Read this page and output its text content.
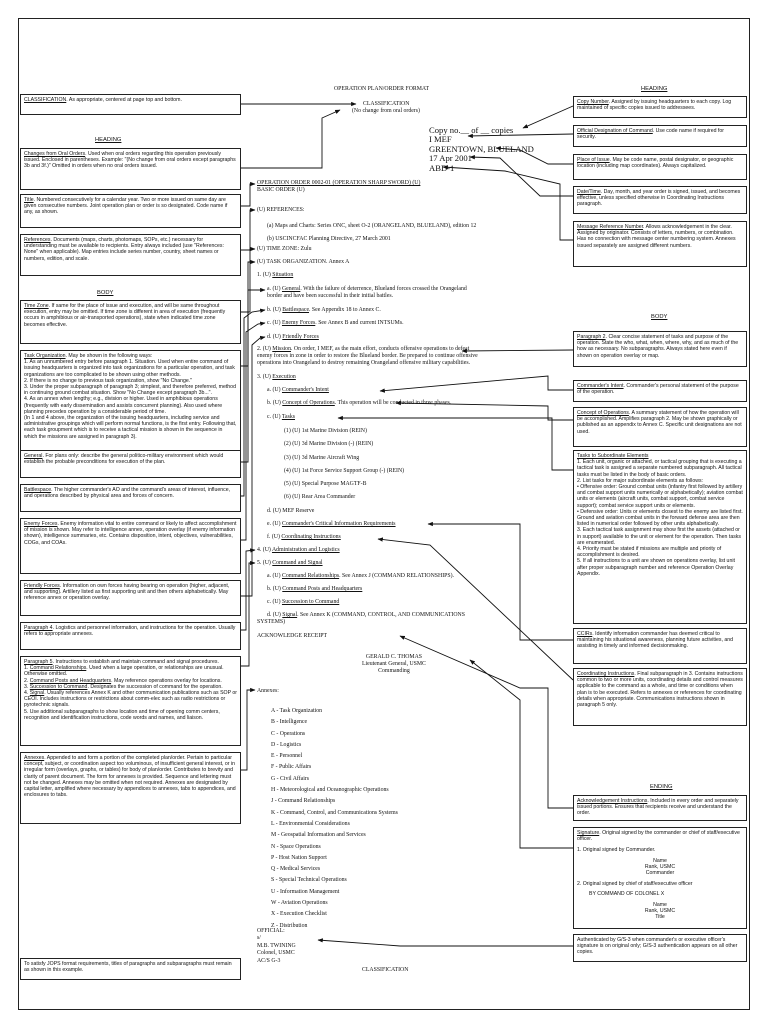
OPERATION PLAN/ORDER FORMAT
CLASSIFICATION
(No change from oral orders)
Copy no.__ of __ copies
I MEF
GREENTOWN, BLUELAND
17 Apr 2001
ABD-1
OPERATION ORDER 0002-01 (OPERATION SHARP SWORD) (U)
BASIC ORDER (U)
(U) REFERENCES:
(a) Maps and Charts: Series ONC, sheet O-2 (ORANGELAND, BLUELAND), edition 12
(b) USCINCFAC Planning Directive, 27 March 2001
(U) TIME ZONE: Zulu
(U) TASK ORGANIZATION. Annex A
1. (U) Situation
a. (U) General. With the failure of deterrence, Blueland forces crossed the Orangeland
border and have been successful in their initial battles.
b. (U) Battlespace. See Appendix 18 to Annex C.
c. (U) Enemy Forces. See Annex B and current INTSUMs.
d. (U) Friendly Forces
2. (U) Mission. On order, I MEF, as the main effort, conducts offensive operations to defeat
enemy forces in zone in order to restore the Blueland border. Be prepared to continue offensive
operations into Orangeland to destroy remaining Orangeland offensive military capabilities.
3. (U) Execution
a. (U) Commander's Intent
b. (U) Concept of Operations. This operation will be conducted in three phases.
c. (U) Tasks
(1) (U) 1st Marine Division (REIN)
(2) (U) 3d Marine Division (-) (REIN)
(3) (U) 3d Marine Aircraft Wing
(4) (U) 1st Force Service Support Group (-) (REIN)
(5) (U) Special Purpose MAGTF-B
(6) (U) Rear Area Commander
d. (U) MEF Reserve
e. (U) Commander's Critical Information Requirements
f. (U) Coordinating Instructions
4. (U) Administration and Logistics
5. (U) Command and Signal
a. (U) Command Relationships. See Annex J (COMMAND RELATIONSHIPS).
b. (U) Command Posts and Headquarters
c. (U) Succession to Command
d. (U) Signal. See Annex K (COMMAND, CONTROL, AND COMMUNICATIONS
SYSTEMS)
ACKNOWLEDGE RECEIPT
GERALD C. THOMAS
Lieutenant General, USMC
Commanding
Annexes:
A - Task Organization
B - Intelligence
C - Operations
D - Logistics
E - Personnel
F - Public Affairs
G - Civil Affairs
H - Meteorological and Oceanographic Operations
J - Command Relationships
K - Command, Control, and Communications Systems
L - Environmental Considerations
M - Geospatial Information and Services
N - Space Operations
P - Host Nation Support
Q - Medical Services
S - Special Technical Operations
U - Information Management
W - Aviation Operations
X - Execution Checklist
Z - Distribution
OFFICIAL:
s/
M.B. TWINING
Colonel, USMC
AC/S G-3
CLASSIFICATION
CLASSIFICATION. As appropriate, centered at page top and bottom.
HEADING
Changes from Oral Orders. Used when oral orders regarding this operation previously issued. Enclosed in parentheses. Example: "(No change from oral orders except paragraphs 3b and 3f.)" Omitted in orders when no oral orders issued.
Title. Numbered consecutively for a calendar year. Two or more issued on same day are given consecutive numbers. Joint operation plan or order is so designated. Code name if any, as shown.
References. Documents (maps, charts, photomaps, SOPs, etc.) necessary for understanding must be available to recipients. Entry always included (use "References: None" when applicable). Map entries include series number, country, sheet names or numbers, edition, and scale.
BODY
Time Zone. If same for the place of issue and execution, and will be same throughout execution, entry may be omitted. If time zone is different in area of execution (frequently occurs in amphibious or air-transported operations), state when indicated time zone becomes effective.
Task Organization. May be shown in the following ways:

1. As an unnumbered entry before paragraph 1. Situation. Used when entire command of issuing headquarters is organized into task organizations for a particular operation, and task organizations are too complicated to be shown using other methods.

2. If there is no change to previous task organization, show "No Change."

3. Under the proper subparagraph of paragraph 3; simplest, and therefore preferred, method in continuing ground combat situation. Show "No Change except paragraph 3b...".

4. As an annex when lengthy; e.g., division or higher. Used in amphibious operations (frequently with early dissemination and assists concurrent planning). Also used where planning precedes operation by a considerable period of time.

(In 1 and 4 above, the organization of the issuing headquarters, including service and administrative groupings which will perform normal functions, is the first entry. Following that, each task groupment which is to receive a tactical mission is shown in the sequence in which the missions are assigned in paragraph 3).

General. For plans only: describe the general politico-military environment which would establish the probable preconditions for execution of the plan.
Battlespace. The higher commander's AO and the command's areas of interest, influence, and operations described by physical area and forces of concern.
Enemy Forces. Enemy information vital to entire command or likely to affect accomplishment of mission is shown. May refer to intelligence annex, operation overlay (if enemy information shown), intelligence summaries, etc. Contains disposition, intent, objectives, vulnerabilities, COGs, and COAs.
Friendly Forces. Information on own forces having bearing on operation (higher, adjacent, and supporting). Artillery listed as first supporting unit and then others alphabetically. May reference annex or operation overlay.
Paragraph 4. Logistics and personnel information, and instructions for the operation. Usually refers to appropriate annexes.
Paragraph 5. Instructions to establish and maintain command and signal procedures.

1. Command Relationships. Used when a large operation, or relationships are unusual. Otherwise omitted.

2. Command Posts and Headquarters. May reference operations overlay for locations.

3. Succession to Command. Designates the succession of command for the operation.

4. Signal. Usually references Annex K and other communication publications such as SOP or CEOI. Includes instructions or restrictions about comm-elec such as radio restrictions or pyrotechnic signals.

5. Use additional subparagraphs to show location and time of opening comm centers, recognition and identification instructions, code words and names, and liaison.

Annexes. Appended to and form a portion of the completed plan/order. Pertain to particular concept, subject, or coordination aspect too voluminous, of insufficient general interest, or in irregular form (overlays, graphs, or tables) for body of plan/order. Contributes to brevity and clarity of parent document. The form for annexes is provided. Sequence and lettering must not be changed. Annexes may be omitted when not required. Annexes are designated by capital letter, amplified where necessary by appendices to annexes, tabs to appendices, and enclosures to tabs.
To satisfy JOPS format requirements, titles of paragraphs and subparagraphs must remain as shown in this example.
HEADING
Copy Number. Assigned by issuing headquarters to each copy. Log maintained of specific copies issued to addressees.
Official Designation of Command. Use code name if required for security.
Place of Issue. May be code name, postal designator, or geographic location (including map coordinates). Always capitalized.
Date/Time. Day, month, and year order is signed, issued, and becomes effective, unless specified otherwise in Coordinating Instructions paragraph.
Message Reference Number. Allows acknowledgement in the clear. Assigned by originator. Consists of letters, numbers, or combination. Has no connection with message center numbering system. Annexes issued separately are assigned different numbers.
BODY
Paragraph 2. Clear concise statement of tasks and purpose of the operation. State the who, what, when, where, why, and as much of the how as necessary. No subparagraphs. Always stated here even if shown on operation overlay or map.
Commander's Intent. Commander's personal statement of the purpose of the operation.
Concept of Operations. A summary statement of how the operation will be accomplished. Amplifies paragraph 2. May be shown graphically or published as an appendix to Annex C. Specific unit designations are not used.

Tasks to Subordinate Elements

1. Each unit, organic or attached, or tactical grouping that is executing a tactical task is assigned a separate numbered subparagraph. All tactical tasks must be listed in the body of basic orders.

2. List tasks for major subordinate elements as follows:

• Offensive order: Ground combat units (infantry first followed by artillery and combat support units numerically or alphabetically); aviation combat units or elements (aircraft units, combat support, combat service support); combat service support units or elements.

• Defensive order: Units or elements closest to the enemy are listed first. Ground and aviation combat units in the forward defense area are then listed in numerical order followed by other units alphabetically.

3. Each tactical task assignment may show first the assets (attached or in support) available to the unit or element for the operation. Then tasks are enumerated.

4. Priority must be stated if missions are multiple and priority of accomplishment is desired.

5. If all instructions to a unit are shown on operations overlay, list unit after proper subparagraph number and reference Operation Overlay Appendix.

CCIRs. Identify information commander has deemed critical to maintaining his situational awareness, planning future activities, and assisting in timely and informed decisionmaking.
Coordinating Instructions. Final subparagraph in 3. Contains instructions common to two or more units, coordinating details and control measures applicable to the command as a whole, and time or conditions when plan is to be executed. Refers to annexes or references for coordinating details when appropriate. Communications instructions shown in paragraph 5 only.
ENDING
Acknowledgement Instructions. Included in every order and separately issued portions. Ensures that recipients receive and understand the order.
Signature. Original signed by the commander or chief of staff/executive officer.

1. Original signed by Commander.

Name

Rank, USMC

Commander

2. Original signed by chief of staff/executive officer

BY COMMAND OF COLONEL X

Name

Rank, USMC

Title

Authenticated by G/S-3 when commander's or executive officer's signature is on original only; G/S-3 authentication appears on all other copies.
